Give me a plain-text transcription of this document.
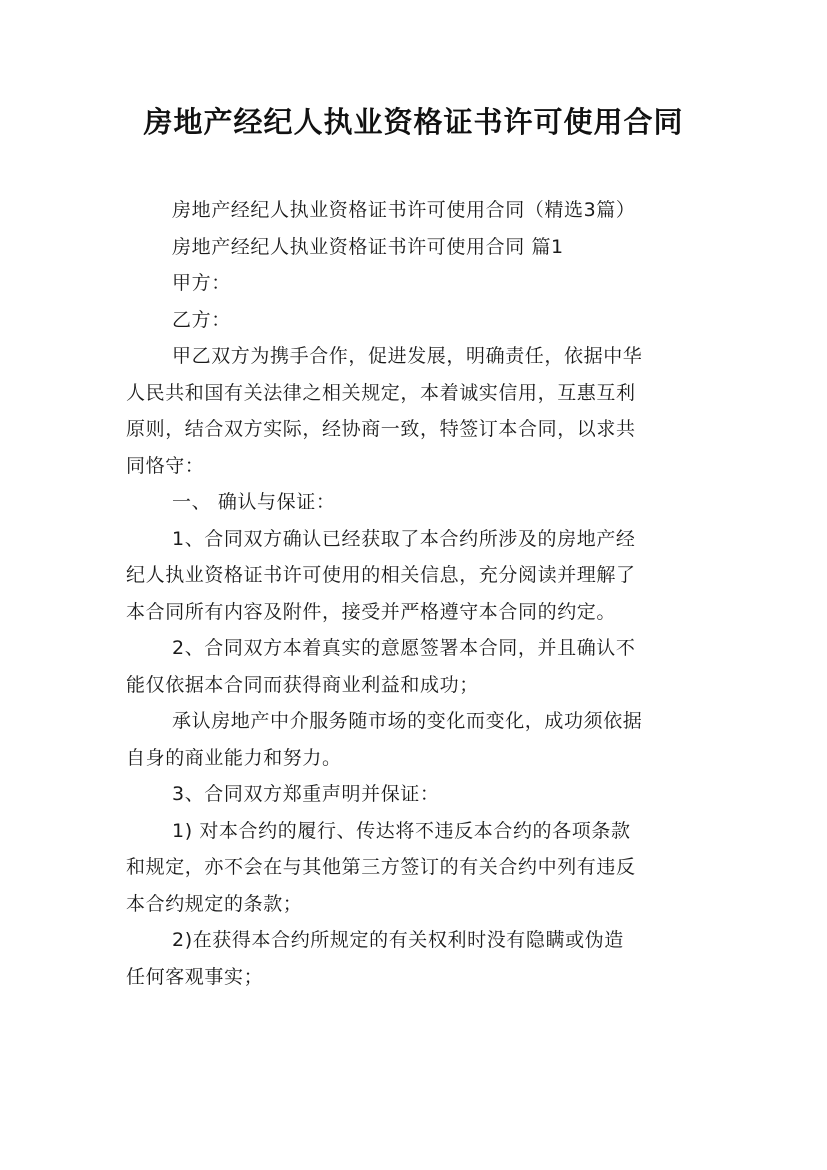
房地产经纪人执业资格证书许可使用合同
房地产经纪人执业资格证书许可使用合同（精选3篇）
房地产经纪人执业资格证书许可使用合同 篇1
甲方：
乙方：
甲乙双方为携手合作，促进发展，明确责任，依据中华
人民共和国有关法律之相关规定，本着诚实信用，互惠互利
原则，结合双方实际，经协商一致，特签订本合同，以求共
同恪守：
一、 确认与保证：
1、合同双方确认已经获取了本合约所涉及的房地产经
纪人执业资格证书许可使用的相关信息，充分阅读并理解了
本合同所有内容及附件，接受并严格遵守本合同的约定。
2、合同双方本着真实的意愿签署本合同，并且确认不
能仅依据本合同而获得商业利益和成功；
承认房地产中介服务随市场的变化而变化，成功须依据
自身的商业能力和努力。
3、合同双方郑重声明并保证：
1) 对本合约的履行、传达将不违反本合约的各项条款
和规定，亦不会在与其他第三方签订的有关合约中列有违反
本合约规定的条款；
2)在获得本合约所规定的有关权利时没有隐瞒或伪造
任何客观事实；
